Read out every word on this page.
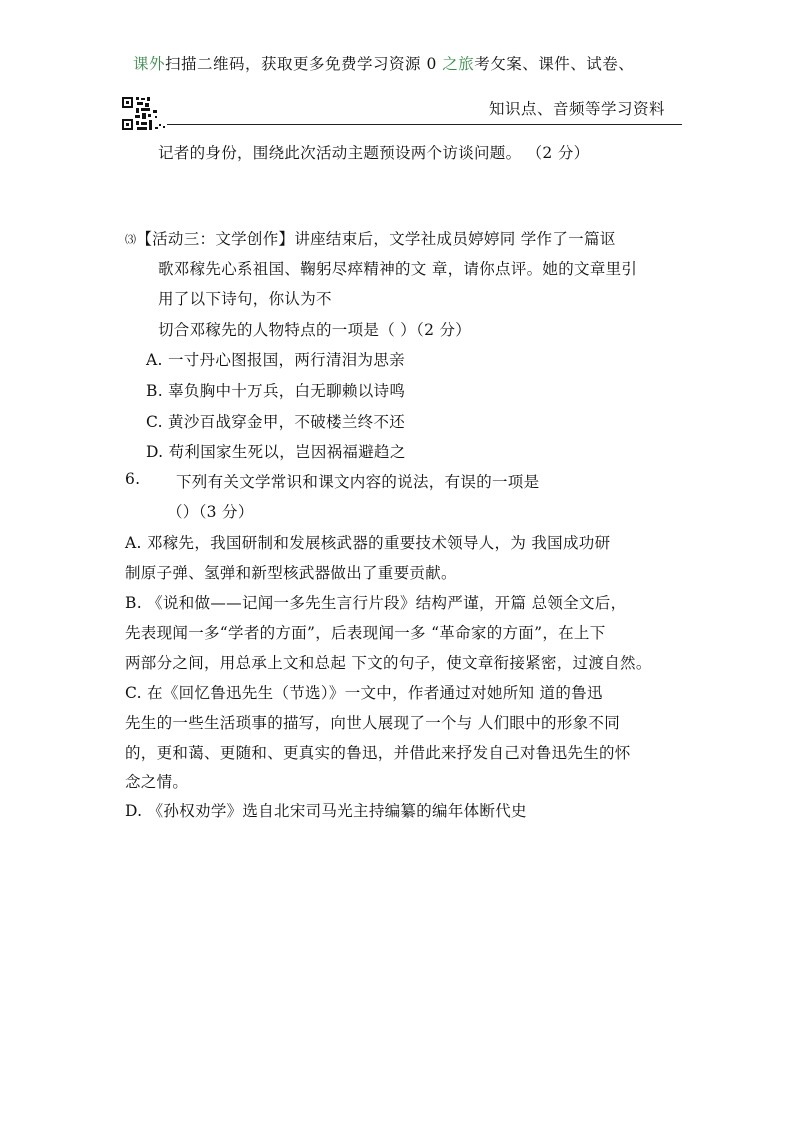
课外扫描二维码，获取更多免费学习资源 0 之旅考攵案、课件、试卷、
知识点、音频等学习资料
记者的身份，围绕此次活动主题预设两个访谈问题。 （2 分）
⑶【活动三：文学创作】讲座结束后，文学社成员婷婷同 学作了一篇讴
歌邓稼先心系祖国、鞠躬尽瘁精神的文 章，请你点评。她的文章里引
用了以下诗句，你认为不
切合邓稼先的人物特点的一项是（ ）（2 分）
A. 一寸丹心图报国，两行清泪为思亲
B. 辜负胸中十万兵，白无聊赖以诗鸣
C. 黄沙百战穿金甲，不破楼兰终不还
D. 苟利国家生死以，岂因祸福避趋之
6. 下列有关文学常识和课文内容的说法，有误的一项是
（）（3 分）
A. 邓稼先，我国研制和发展核武器的重要技术领导人，为 我国成功研
制原子弹、氢弹和新型核武器做出了重要贡献。
B. 《说和做——记闻一多先生言行片段》结构严谨，开篇 总领全文后，
先表现闻一多“学者的方面”，后表现闻一多 “革命家的方面”，在上下
两部分之间，用总承上文和总起 下文的句子，使文章衔接紧密，过渡自然。
C. 在《回忆鲁迅先生（节选）》一文中，作者通过对她所知 道的鲁迅
先生的一些生活琐事的描写，向世人展现了一个与 人们眼中的形象不同
的，更和蔼、更随和、更真实的鲁迅，并借此来抒发自己对鲁迅先生的怀
念之情。
D. 《孙权劝学》选自北宋司马光主持编纂的编年体断代史
